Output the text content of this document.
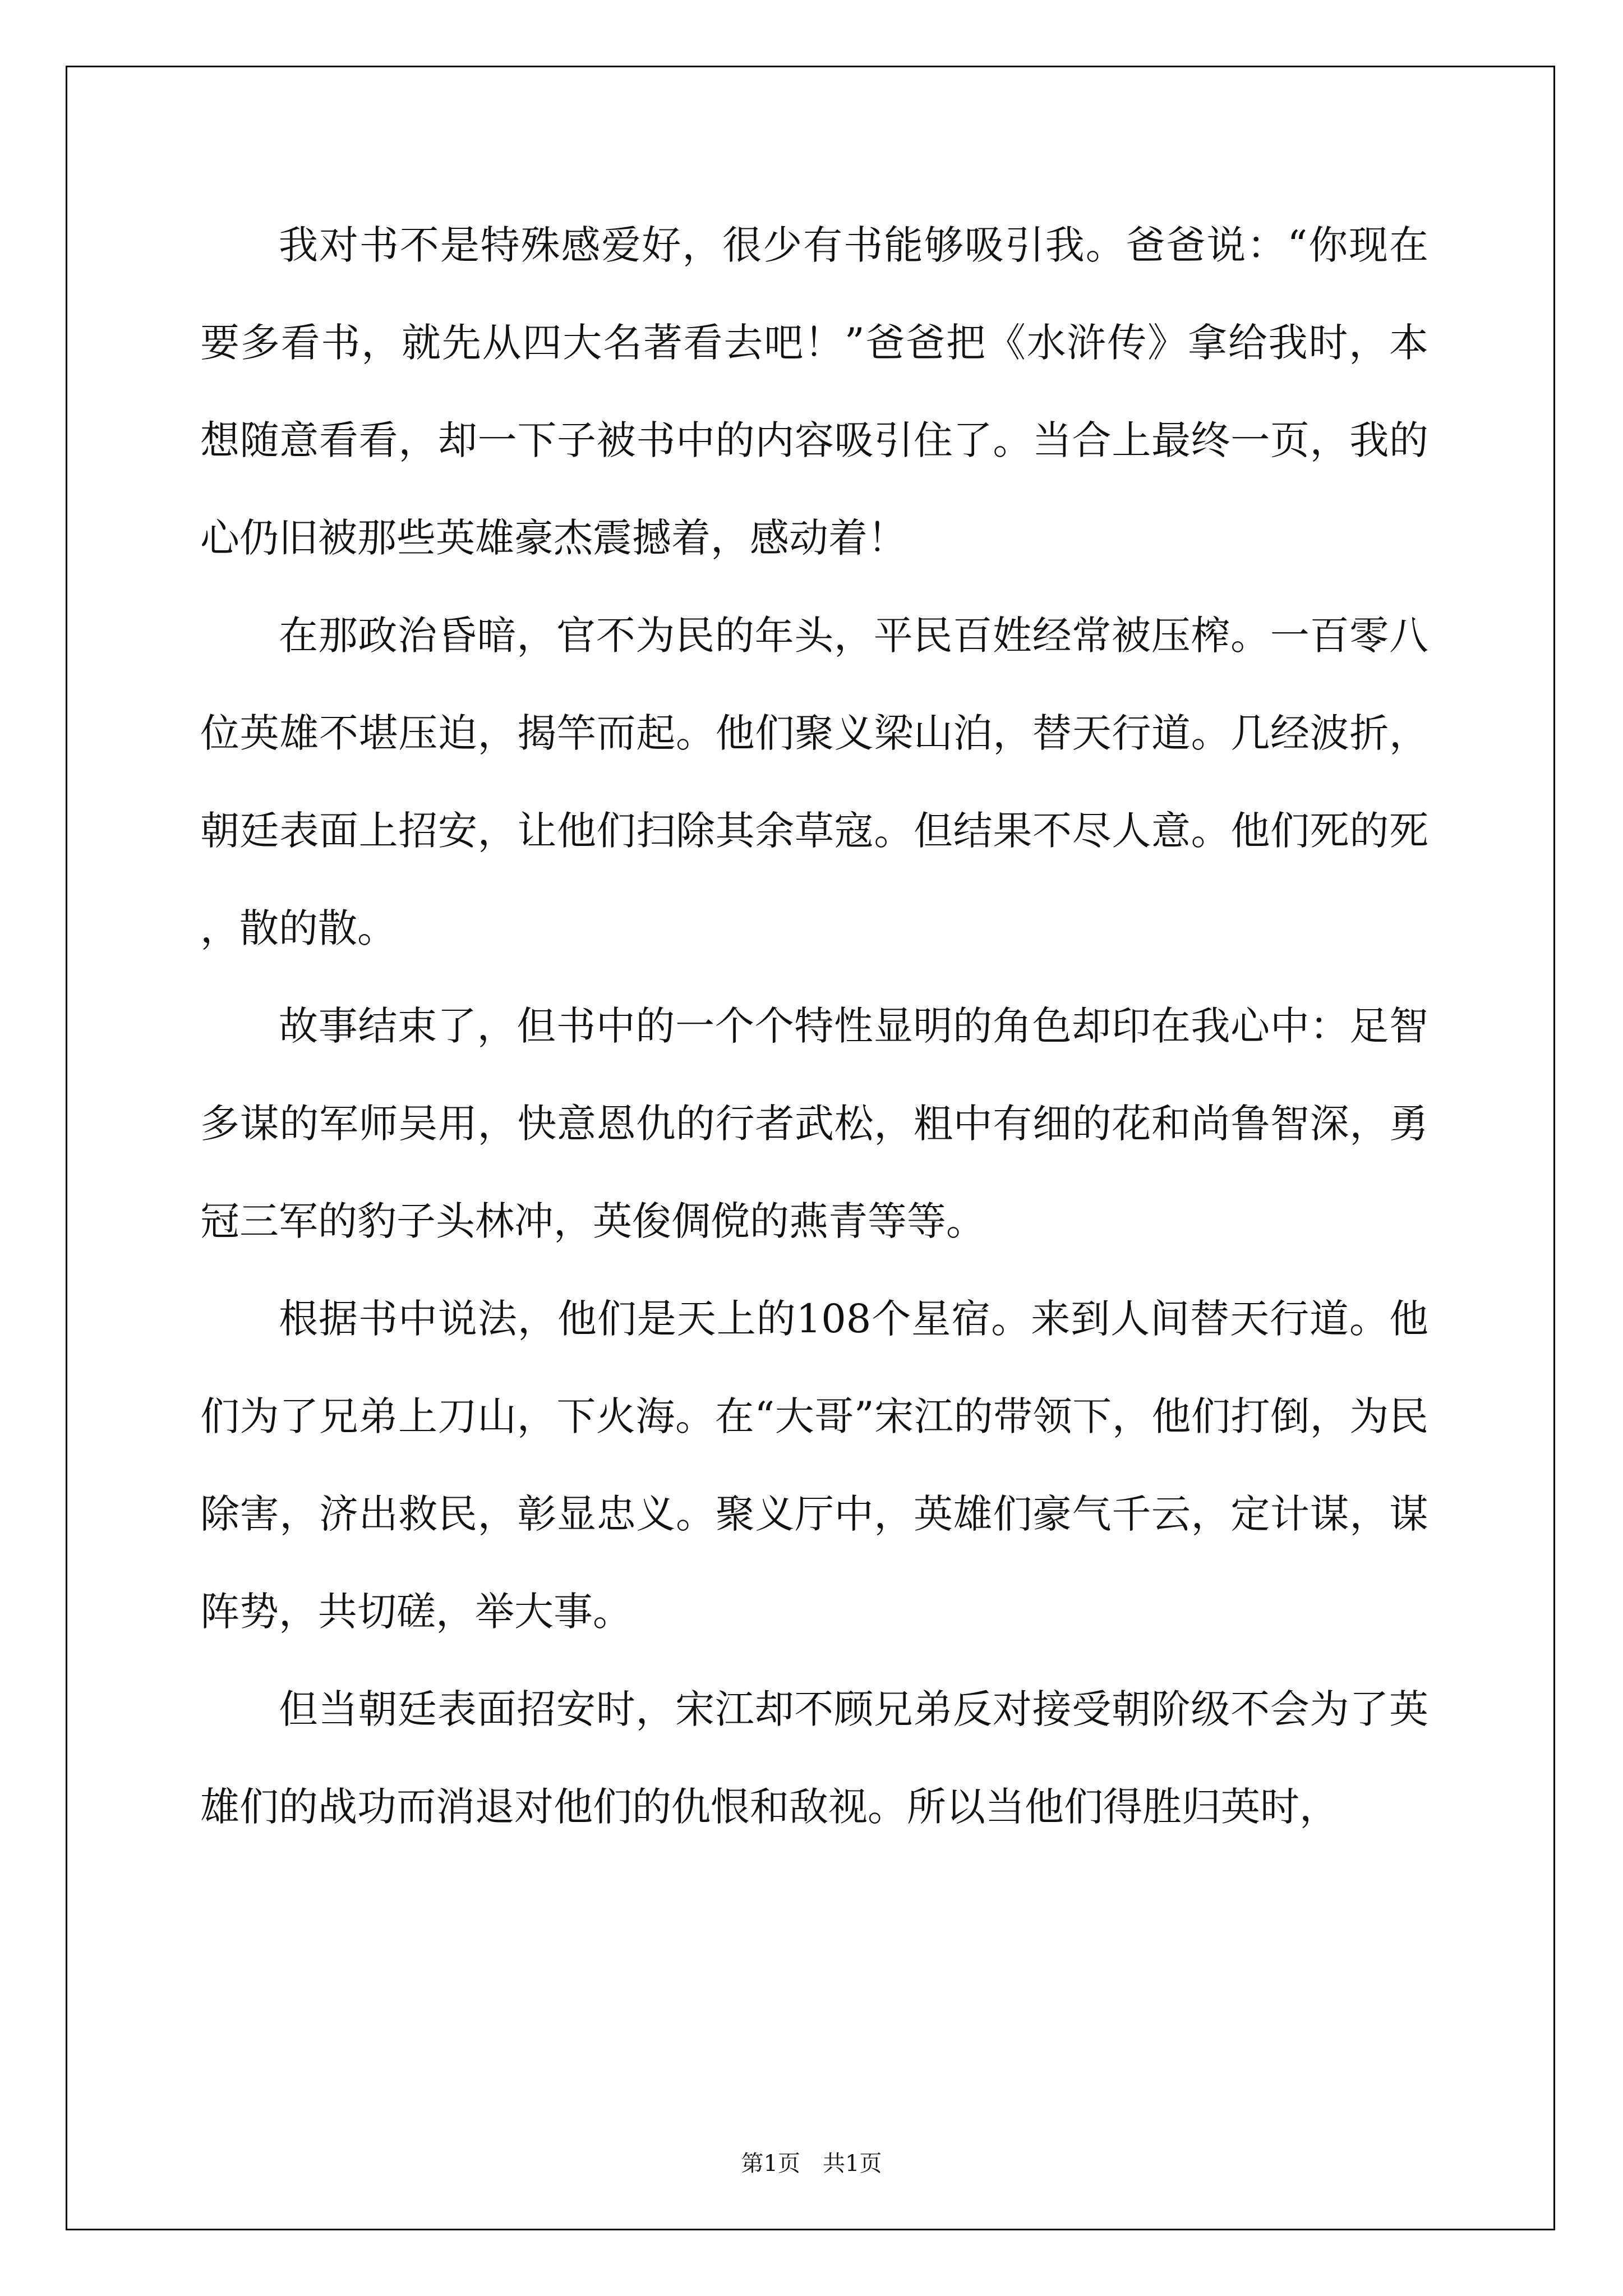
我对书不是特殊感爱好，很少有书能够吸引我。爸爸说：“你现在要多看书，就先从四大名著看去吧！”爸爸把《水浒传》拿给我时，本想随意看看，却一下子被书中的内容吸引住了。当合上最终一页，我的心仍旧被那些英雄豪杰震撼着，感动着！

在那政治昏暗，官不为民的年头，平民百姓经常被压榨。一百零八位英雄不堪压迫，揭竿而起。他们聚义梁山泊，替天行道。几经波折，朝廷表面上招安，让他们扫除其余草寇。但结果不尽人意。他们死的死，散的散。

故事结束了，但书中的一个个特性显明的角色却印在我心中：足智多谋的军师吴用，快意恩仇的行者武松，粗中有细的花和尚鲁智深，勇冠三军的豹子头林冲，英俊倜傥的燕青等等。

根据书中说法，他们是天上的108个星宿。来到人间替天行道。他们为了兄弟上刀山，下火海。在“大哥”宋江的带领下，他们打倒，为民除害，济出救民，彰显忠义。聚义厅中，英雄们豪气千云，定计谋，谋阵势，共切磋，举大事。

但当朝廷表面招安时，宋江却不顾兄弟反对接受朝阶级不会为了英雄们的战功而消退对他们的仇恨和敌视。所以当他们得胜归英时，

第1页 共1页
